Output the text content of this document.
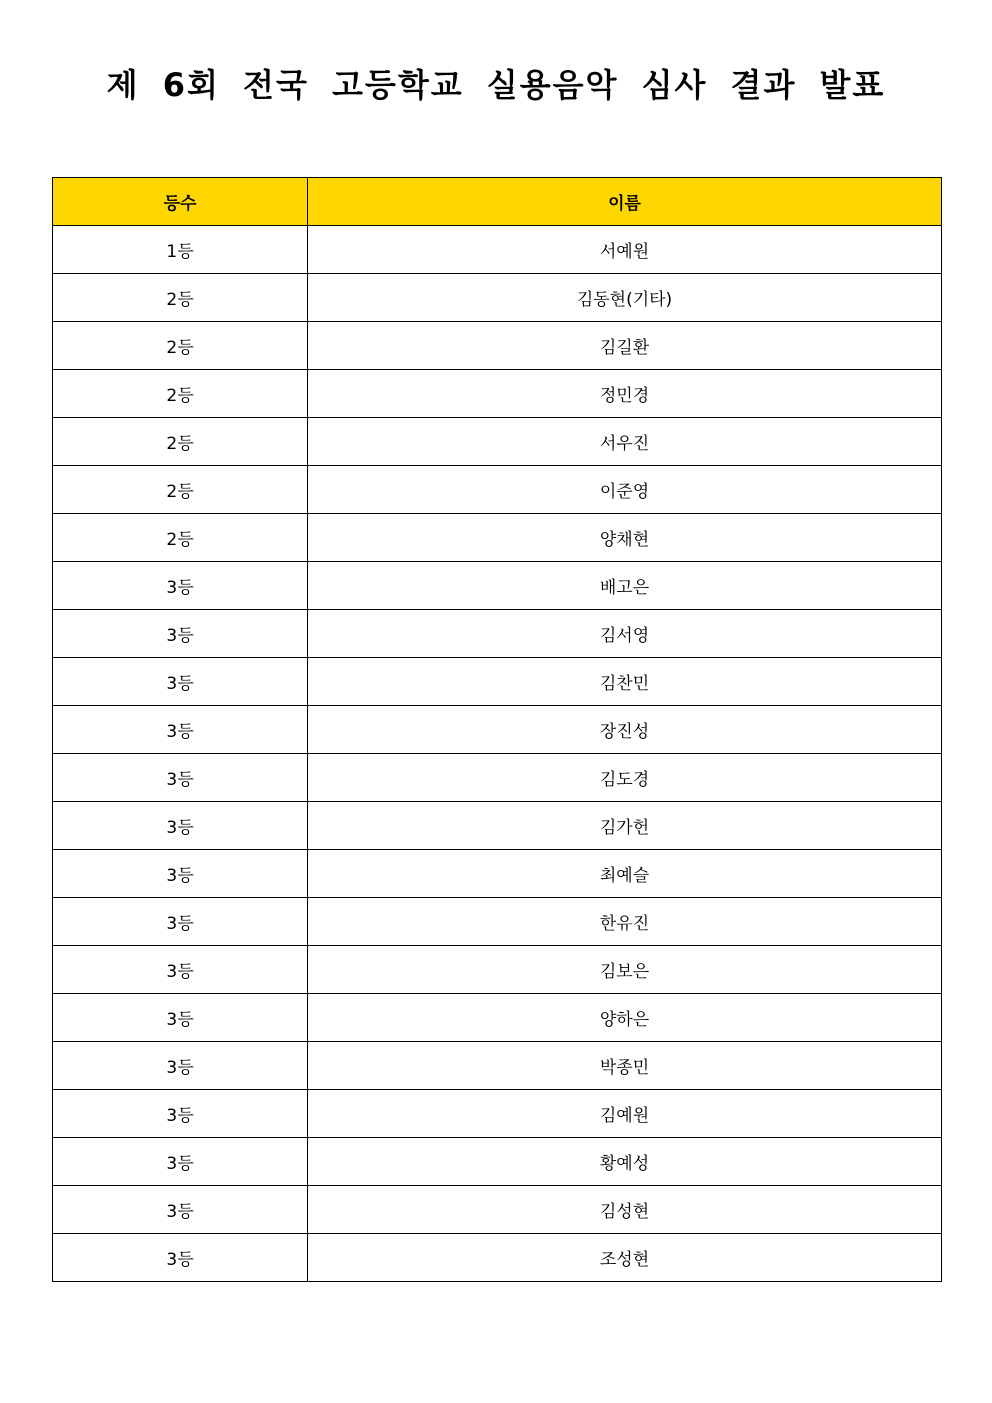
제 6회 전국 고등학교 실용음악 심사 결과 발표
등수	이름
1등	서예원
2등	김동현(기타)
2등	김길환
2등	정민경
2등	서우진
2등	이준영
2등	양채현
3등	배고은
3등	김서영
3등	김찬민
3등	장진성
3등	김도경
3등	김가헌
3등	최예슬
3등	한유진
3등	김보은
3등	양하은
3등	박종민
3등	김예원
3등	황예성
3등	김성현
3등	조성현
